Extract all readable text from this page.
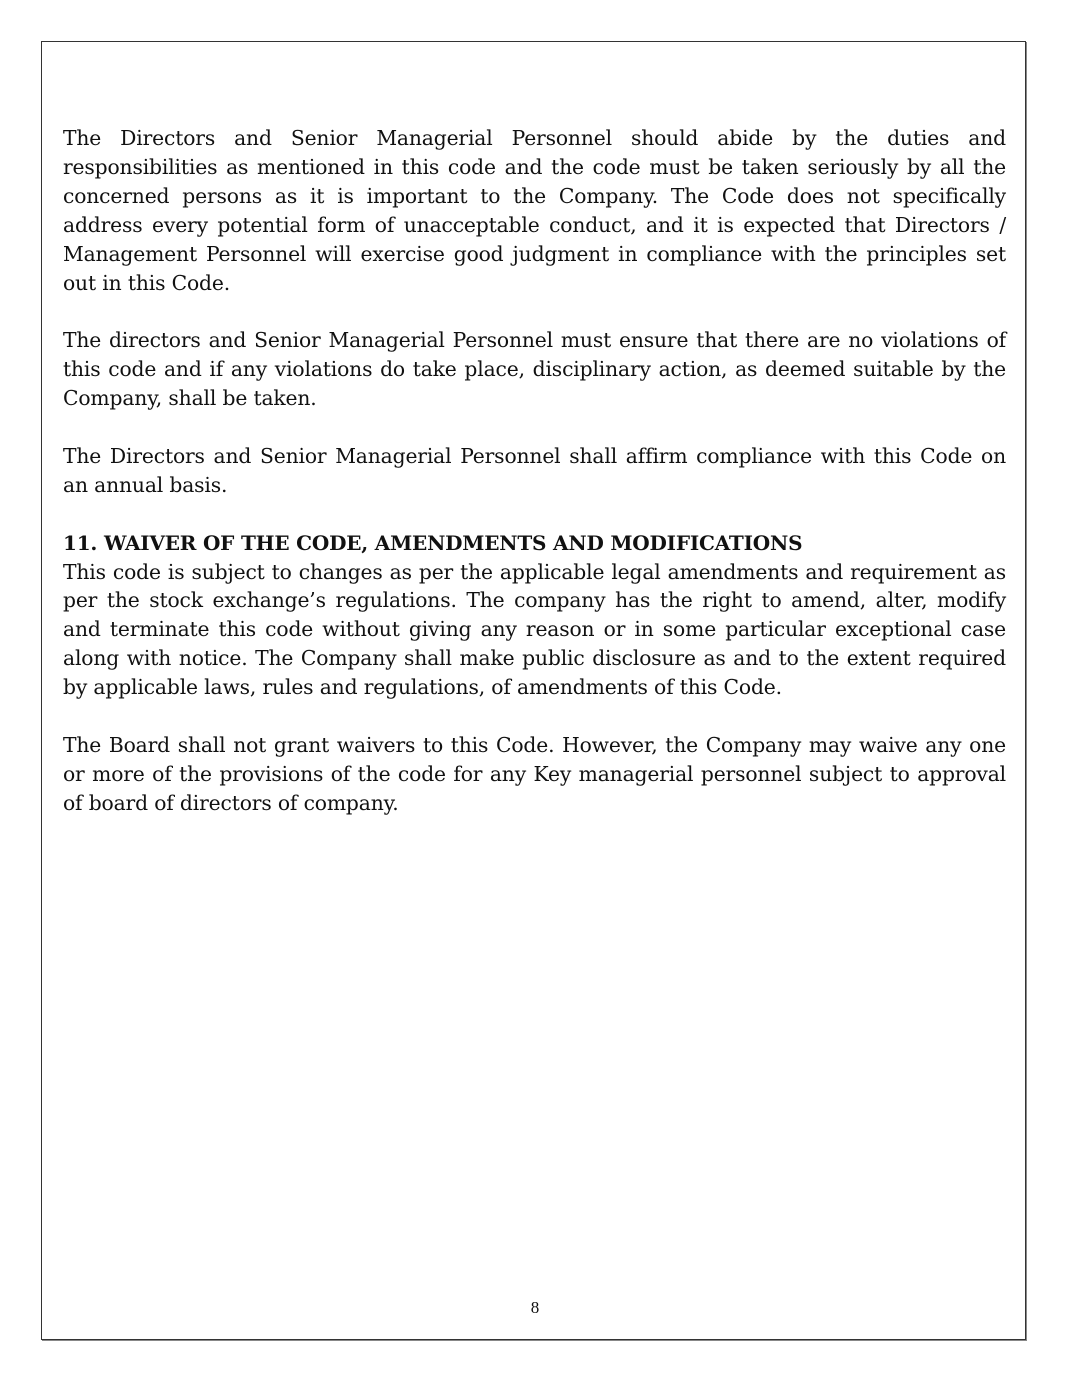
The Directors and Senior Managerial Personnel should abide by the duties and responsibilities as mentioned in this code and the code must be taken seriously by all the concerned persons as it is important to the Company. The Code does not specifically address every potential form of unacceptable conduct, and it is expected that Directors / Management Personnel will exercise good judgment in compliance with the principles set out in this Code.

The directors and Senior Managerial Personnel must ensure that there are no violations of this code and if any violations do take place, disciplinary action, as deemed suitable by the Company, shall be taken.

The Directors and Senior Managerial Personnel shall affirm compliance with this Code on an annual basis.

11. WAIVER OF THE CODE, AMENDMENTS AND MODIFICATIONS

This code is subject to changes as per the applicable legal amendments and requirement as per the stock exchange’s regulations. The company has the right to amend, alter, modify and terminate this code without giving any reason or in some particular exceptional case along with notice. The Company shall make public disclosure as and to the extent required by applicable laws, rules and regulations, of amendments of this Code.

The Board shall not grant waivers to this Code. However, the Company may waive any one or more of the provisions of the code for any Key managerial personnel subject to approval of board of directors of company.

8
